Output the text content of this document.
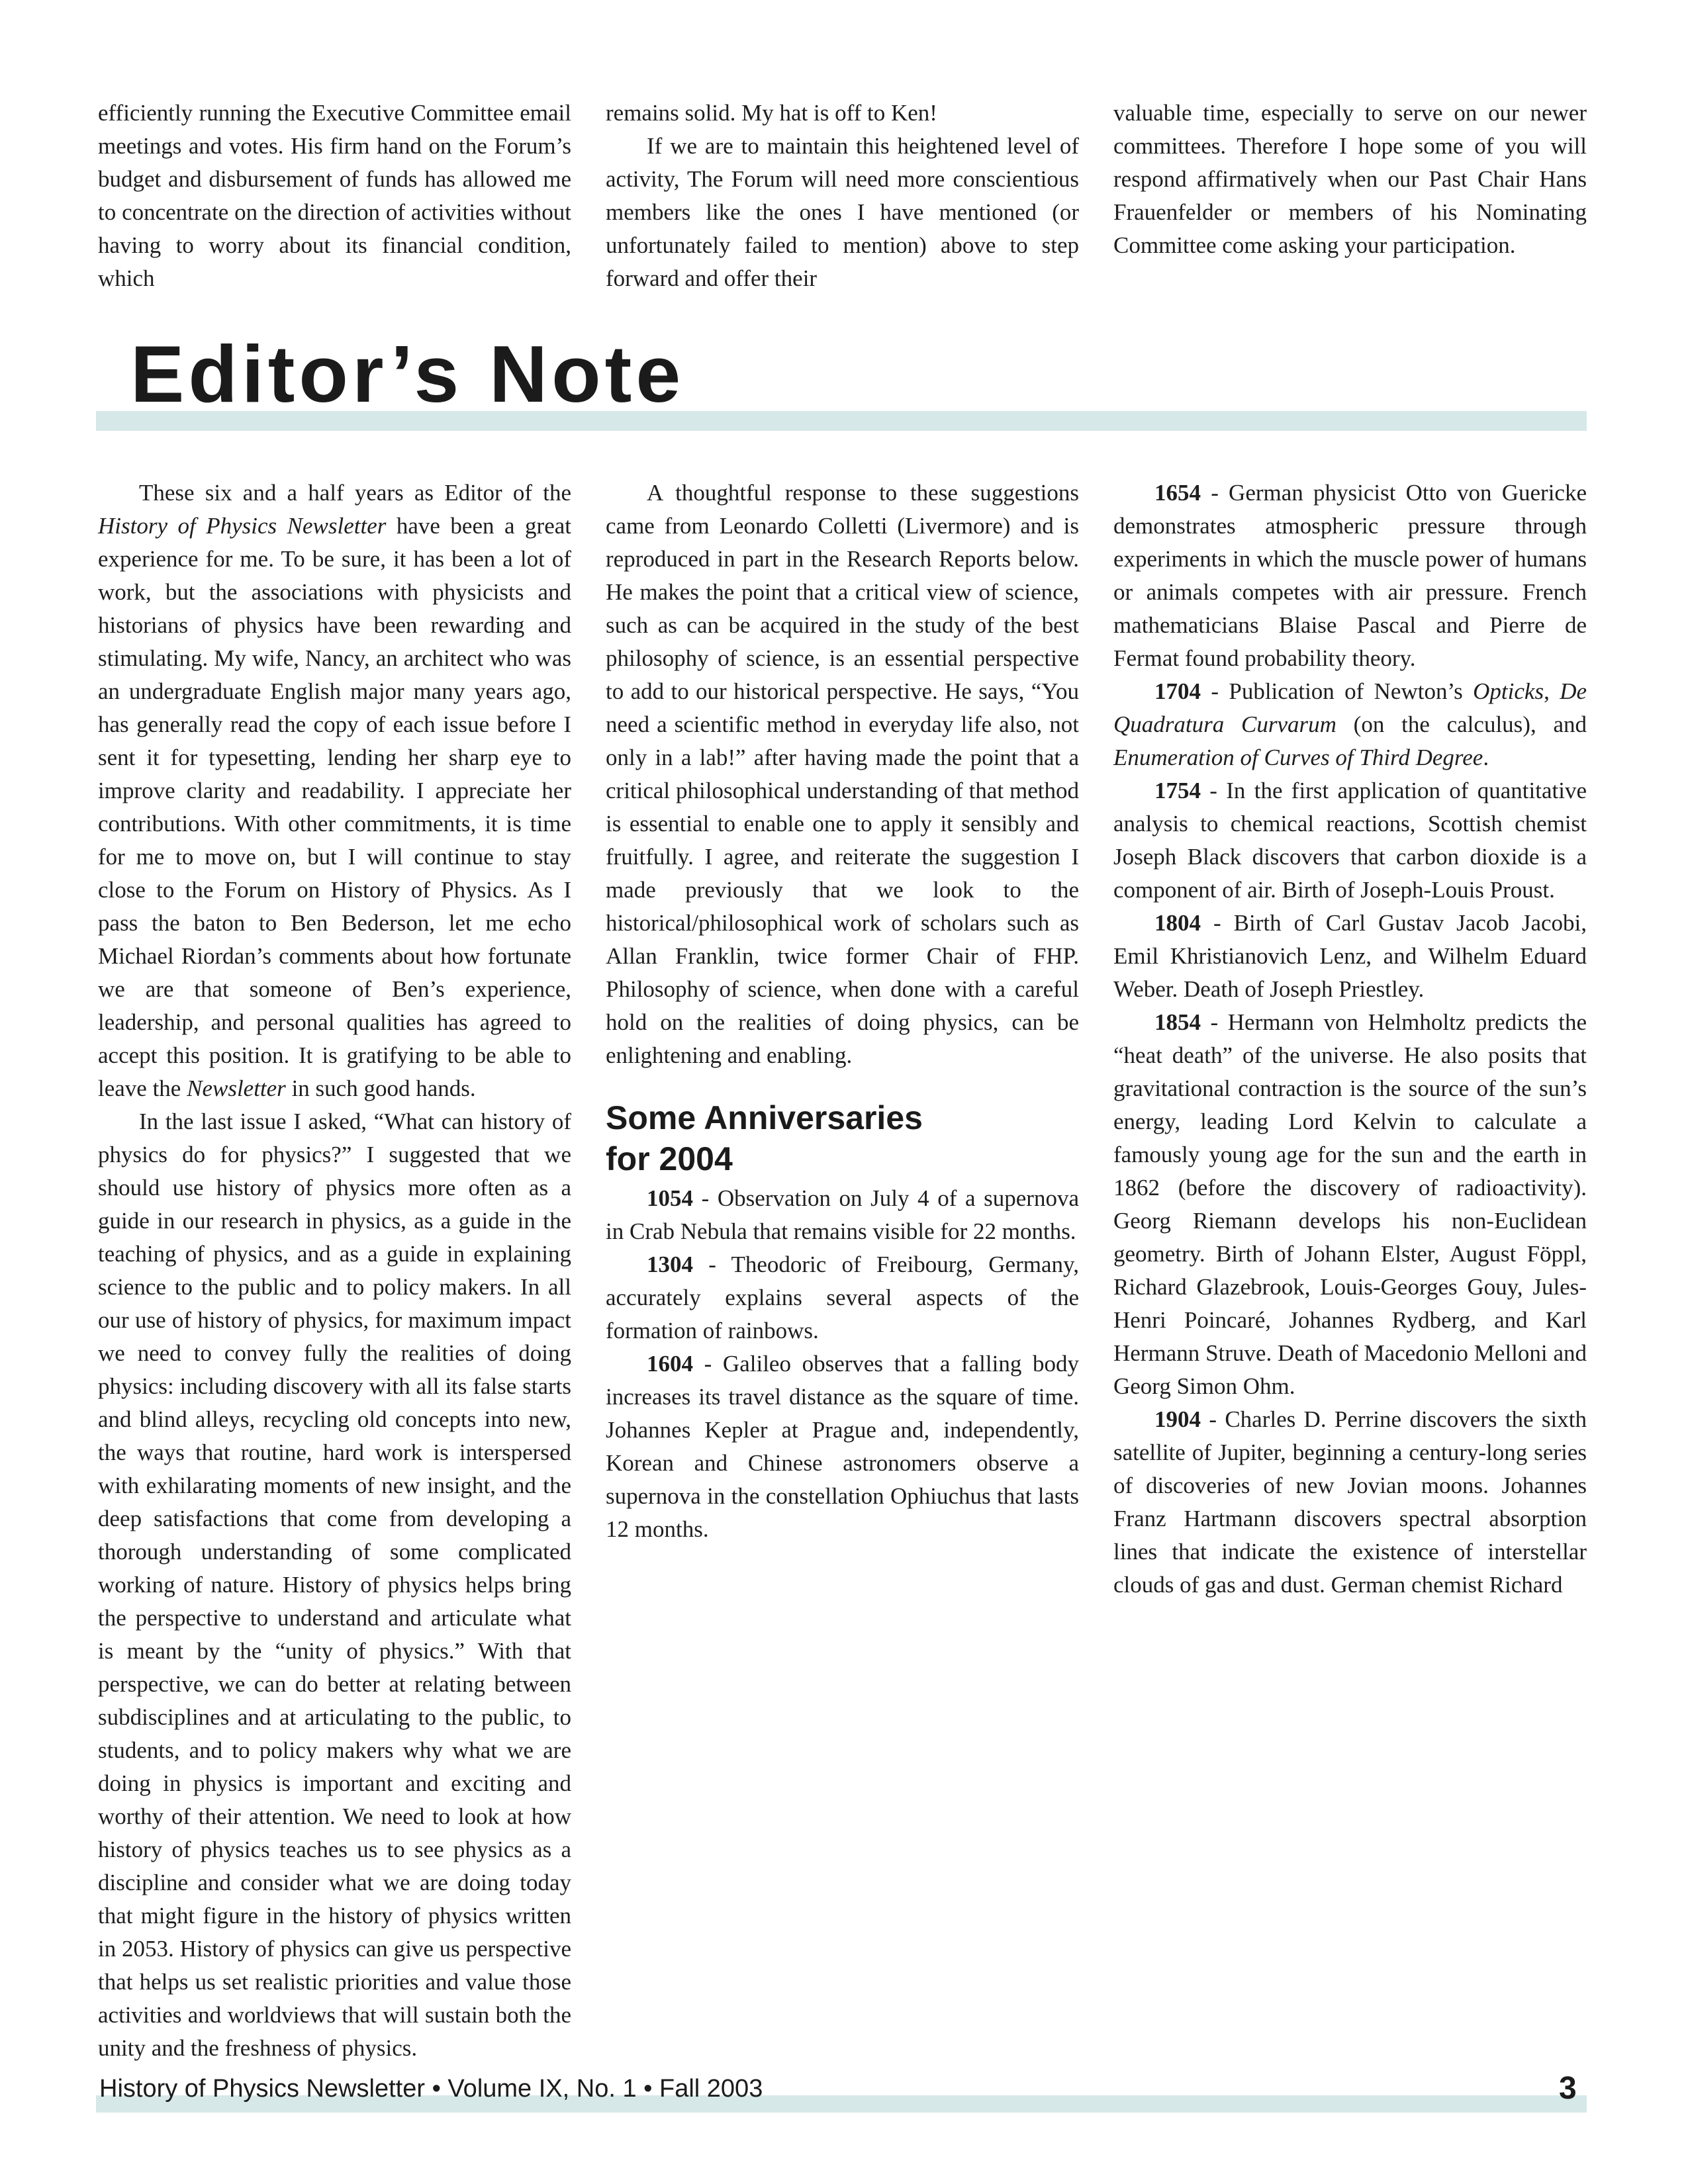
efficiently running the Executive Committee email meetings and votes. His firm hand on the Forum’s budget and disbursement of funds has allowed me to concentrate on the direction of activities without having to worry about its financial condition, which

remains solid. My hat is off to Ken!

If we are to maintain this heightened level of activity, The Forum will need more conscientious members like the ones I have mentioned (or unfortunately failed to mention) above to step forward and offer their

valuable time, especially to serve on our newer committees. Therefore I hope some of you will respond affirmatively when our Past Chair Hans Frauenfelder or members of his Nominating Committee come asking your participation.

Editor’s Note

These six and a half years as Editor of the History of Physics Newsletter have been a great experience for me. To be sure, it has been a lot of work, but the associations with physicists and historians of physics have been rewarding and stimulating. My wife, Nancy, an architect who was an undergraduate English major many years ago, has generally read the copy of each issue before I sent it for typesetting, lending her sharp eye to improve clarity and readability. I appreciate her contributions. With other commitments, it is time for me to move on, but I will continue to stay close to the Forum on History of Physics. As I pass the baton to Ben Bederson, let me echo Michael Riordan’s comments about how fortunate we are that someone of Ben’s experience, leadership, and personal qualities has agreed to accept this position. It is gratifying to be able to leave the Newsletter in such good hands.

In the last issue I asked, “What can history of physics do for physics?” I suggested that we should use history of physics more often as a guide in our research in physics, as a guide in the teaching of physics, and as a guide in explaining science to the public and to policy makers. In all our use of history of physics, for maximum impact we need to convey fully the realities of doing physics: including discovery with all its false starts and blind alleys, recycling old concepts into new, the ways that routine, hard work is interspersed with exhilarating moments of new insight, and the deep satisfactions that come from developing a thorough understanding of some complicated working of nature. History of physics helps bring the perspective to understand and articulate what is meant by the “unity of physics.” With that perspective, we can do better at relating between subdisciplines and at articulating to the public, to students, and to policy makers why what we are doing in physics is important and exciting and worthy of their attention. We need to look at how history of physics teaches us to see physics as a discipline and consider what we are doing today that might figure in the history of physics written in 2053. History of physics can give us perspective that helps us set realistic priorities and value those activities and worldviews that will sustain both the unity and the freshness of physics.

A thoughtful response to these suggestions came from Leonardo Colletti (Livermore) and is reproduced in part in the Research Reports below. He makes the point that a critical view of science, such as can be acquired in the study of the best philosophy of science, is an essential perspective to add to our historical perspective. He says, “You need a scientific method in everyday life also, not only in a lab!” after having made the point that a critical philosophical understanding of that method is essential to enable one to apply it sensibly and fruitfully. I agree, and reiterate the suggestion I made previously that we look to the historical/philosophical work of scholars such as Allan Franklin, twice former Chair of FHP. Philosophy of science, when done with a careful hold on the realities of doing physics, can be enlightening and enabling.

Some Anniversaries
for 2004

1054 - Observation on July 4 of a supernova in Crab Nebula that remains visible for 22 months.

1304 - Theodoric of Freibourg, Germany, accurately explains several aspects of the formation of rainbows.

1604 - Galileo observes that a falling body increases its travel distance as the square of time. Johannes Kepler at Prague and, independently, Korean and Chinese astronomers observe a supernova in the constellation Ophiuchus that lasts 12 months.

1654 - German physicist Otto von Guericke demonstrates atmospheric pressure through experiments in which the muscle power of humans or animals competes with air pressure. French mathematicians Blaise Pascal and Pierre de Fermat found probability theory.

1704 - Publication of Newton’s Opticks, De Quadratura Curvarum (on the calculus), and Enumeration of Curves of Third Degree.

1754 - In the first application of quantitative analysis to chemical reactions, Scottish chemist Joseph Black discovers that carbon dioxide is a component of air. Birth of Joseph-Louis Proust.

1804 - Birth of Carl Gustav Jacob Jacobi, Emil Khristianovich Lenz, and Wilhelm Eduard Weber. Death of Joseph Priestley.

1854 - Hermann von Helmholtz predicts the “heat death” of the universe. He also posits that gravitational contraction is the source of the sun’s energy, leading Lord Kelvin to calculate a famously young age for the sun and the earth in 1862 (before the discovery of radioactivity). Georg Riemann develops his non-Euclidean geometry. Birth of Johann Elster, August Föppl, Richard Glazebrook, Louis-Georges Gouy, Jules-Henri Poincaré, Johannes Rydberg, and Karl Hermann Struve. Death of Macedonio Melloni and Georg Simon Ohm.

1904 - Charles D. Perrine discovers the sixth satellite of Jupiter, beginning a century-long series of discoveries of new Jovian moons. Johannes Franz Hartmann discovers spectral absorption lines that indicate the existence of interstellar clouds of gas and dust. German chemist Richard

History of Physics Newsletter • Volume IX, No. 1 • Fall 2003	3
